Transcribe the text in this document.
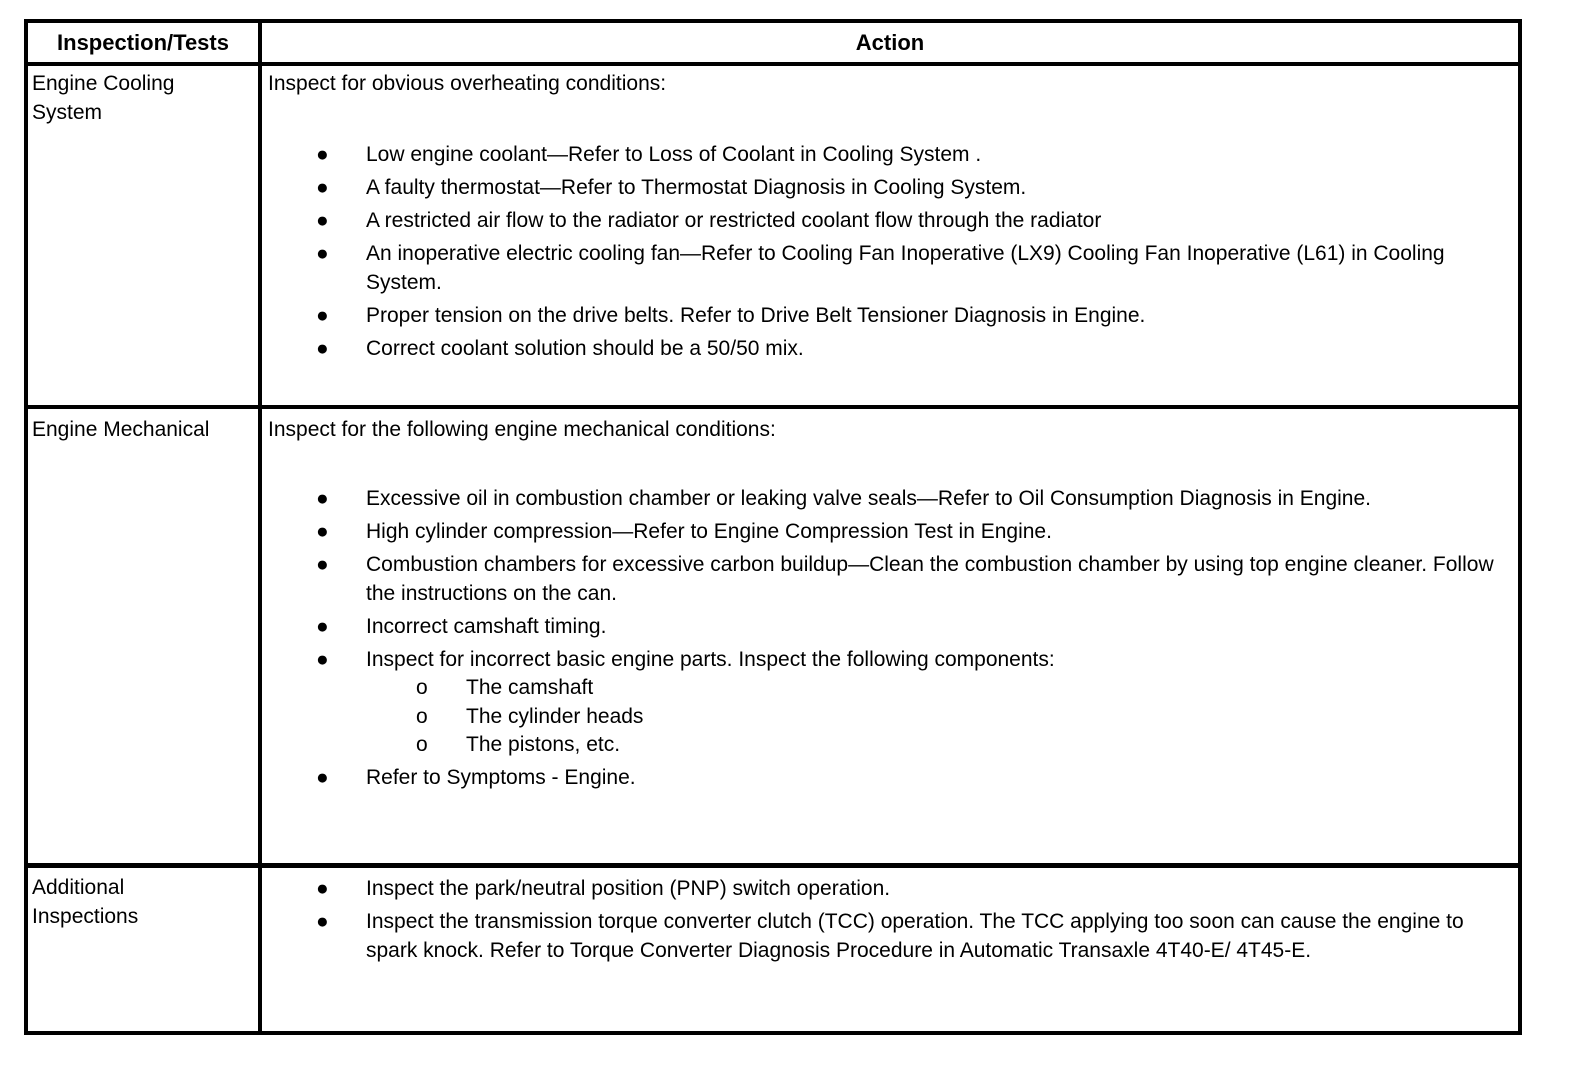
Inspection/Tests	Action
Engine Cooling System
Inspect for obvious overheating conditions:
● Low engine coolant—Refer to Loss of Coolant in Cooling System .
● A faulty thermostat—Refer to Thermostat Diagnosis in Cooling System.
● A restricted air flow to the radiator or restricted coolant flow through the radiator
● An inoperative electric cooling fan—Refer to Cooling Fan Inoperative (LX9) Cooling Fan Inoperative (L61) in Cooling System.
● Proper tension on the drive belts. Refer to Drive Belt Tensioner Diagnosis in Engine.
● Correct coolant solution should be a 50/50 mix.
Engine Mechanical	Inspect for the following engine mechanical conditions:
● Excessive oil in combustion chamber or leaking valve seals—Refer to Oil Consumption Diagnosis in Engine.
● High cylinder compression—Refer to Engine Compression Test in Engine.
● Combustion chambers for excessive carbon buildup—Clean the combustion chamber by using top engine cleaner. Follow the instructions on the can.
● Incorrect camshaft timing.
● Inspect for incorrect basic engine parts. Inspect the following components:
o The camshaft
o The cylinder heads
o The pistons, etc.
● Refer to Symptoms - Engine.
Additional Inspections
● Inspect the park/neutral position (PNP) switch operation.
● Inspect the transmission torque converter clutch (TCC) operation. The TCC applying too soon can cause the engine to spark knock. Refer to Torque Converter Diagnosis Procedure in Automatic Transaxle 4T40-E/ 4T45-E.
